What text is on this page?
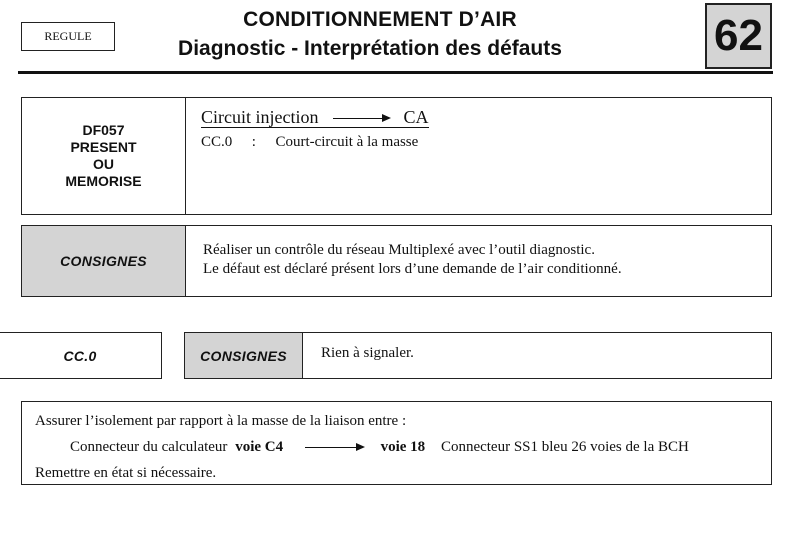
REGULE
CONDITIONNEMENT D’AIR
Diagnostic - Interprétation des défauts	62
DF057
PRESENT
OU
MEMORISE
Circuit injection	CA
CC.0 : Court-circuit à la masse
CONSIGNES
Réaliser un contrôle du réseau Multiplexé avec l’outil diagnostic.
Le défaut est déclaré présent lors d’une demande de l’air conditionné.
CC.0	CONSIGNES	Rien à signaler.
Assurer l’isolement par rapport à la masse de la liaison entre :
Connecteur du calculateur voie C4	voie 18 Connecteur SS1 bleu 26 voies de la BCH
Remettre en état si nécessaire.
